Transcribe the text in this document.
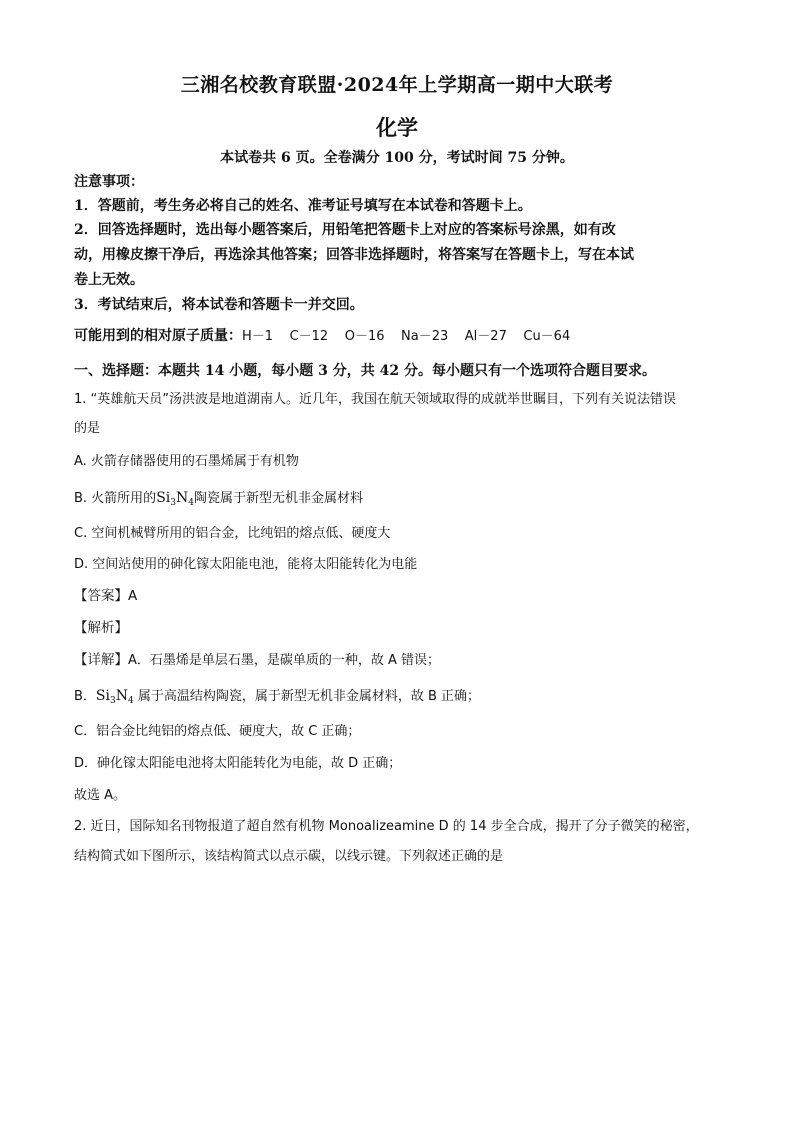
三湘名校教育联盟·2024年上学期高一期中大联考
化学
本试卷共 6 页。全卷满分 100 分，考试时间 75 分钟。
注意事项：
1．答题前，考生务必将自己的姓名、准考证号填写在本试卷和答题卡上。
2．回答选择题时，选出每小题答案后，用铅笔把答题卡上对应的答案标号涂黑，如有改
动，用橡皮擦干净后，再选涂其他答案；回答非选择题时，将答案写在答题卡上，写在本试
卷上无效。
3．考试结束后，将本试卷和答题卡一并交回。
可能用到的相对原子质量：H－1    C－12    O－16    Na－23    Al－27    Cu－64
一、选择题：本题共 14 小题，每小题 3 分，共 42 分。每小题只有一个选项符合题目要求。
1. “英雄航天员”汤洪波是地道湖南人。近几年，我国在航天领域取得的成就举世瞩目，下列有关说法错误
的是
A. 火箭存储器使用的石墨烯属于有机物
B. 火箭所用的$Si_3N_4$陶瓷属于新型无机非金属材料
C. 空间机械臂所用的铝合金，比纯铝的熔点低、硬度大
D. 空间站使用的砷化镓太阳能电池，能将太阳能转化为电能
【答案】A
【解析】
【详解】A．石墨烯是单层石墨，是碳单质的一种，故 A 错误；
B．$Si_3N_4$ 属于高温结构陶瓷，属于新型无机非金属材料，故 B 正确；
C．铝合金比纯铝的熔点低、硬度大，故 C 正确；
D．砷化镓太阳能电池将太阳能转化为电能，故 D 正确；
故选 A。
2. 近日，国际知名刊物报道了超自然有机物 Monoalizeamine D 的 14 步全合成，揭开了分子微笑的秘密，
结构简式如下图所示，该结构简式以点示碳，以线示键。下列叙述正确的是
